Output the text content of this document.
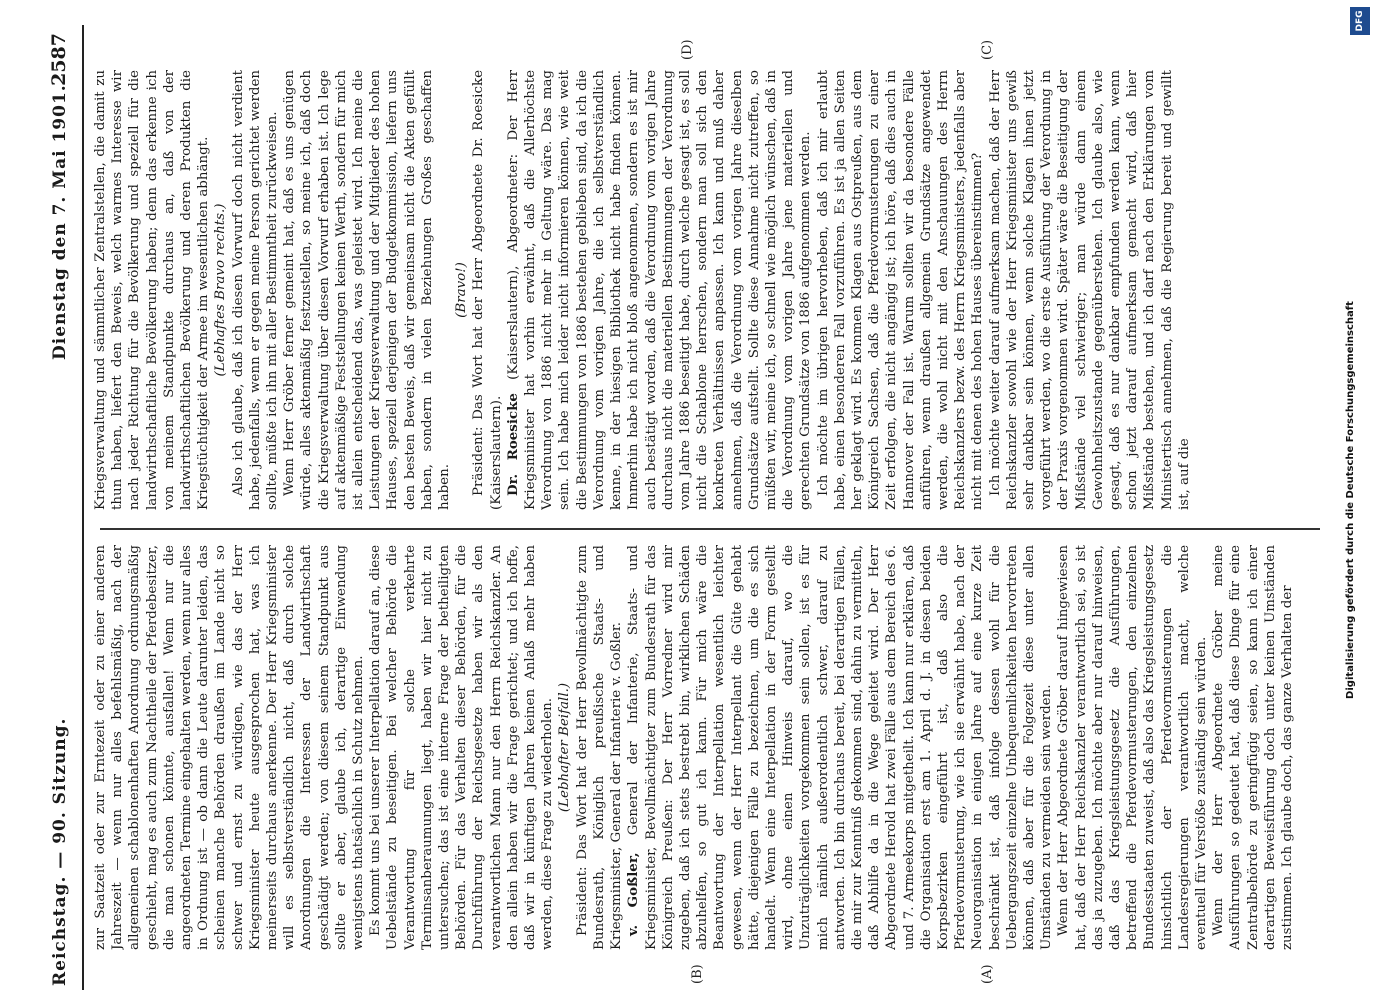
Reichstag. — 90. Sitzung.
Dienstag den 7. Mai 1901.
2587
(A)
(B)
(C)
(D)

zur Saatzeit oder zur Erntezeit oder zu einer anderen Jahreszeit — wenn nur alles befehlsmäßig, nach der allgemeinen schablonenhaften Anordnung ordnungsmäßig geschieht, mag es auch zum Nachtheile der Pferdebesitzer, die man schonen könnte, ausfallen! Wenn nur die angeordneten Termine eingehalten werden, wenn nur alles in Ordnung ist — ob dann die Leute darunter leiden, das scheinen manche Behörden draußen im Lande nicht so schwer und ernst zu würdigen, wie das der Herr Kriegsminister heute ausgesprochen hat, was ich meinerseits durchaus anerkenne. Der Herr Kriegsminister will es selbstverständlich nicht, daß durch solche Anordnungen die Interessen der Landwirthschaft geschädigt werden; von diesem seinem Standpunkt aus sollte er aber, glaube ich, derartige Einwendung wenigstens thatsächlich in Schutz nehmen. Es kommt uns bei unserer Interpellation darauf an, diese Uebelstände zu beseitigen. Bei welcher Behörde die Verantwortung für solche verkehrte Terminsanberaumungen liegt, haben wir hier nicht zu untersuchen; das ist eine interne Frage der betheiligten Behörden. Für das Verhalten dieser Behörden, für die Durchführung der Reichsgesetze haben wir als den verantwortlichen Mann nur den Herrn Reichskanzler. An den allein haben wir die Frage gerichtet; und ich hoffe, daß wir in künftigen Jahren keinen Anlaß mehr haben werden, diese Frage zu wiederholen. (Lebhafter Beifall.) Präsident: Das Wort hat der Herr Bevollmächtigte zum Bundesrath, Königlich preußische Staats- und Kriegsminister, General der Infanterie v. Goßler. v. Goßler, General der Infanterie, Staats- und Kriegsminister, Bevollmächtigter zum Bundesrath für das Königreich Preußen: Der Herr Vorredner wird mir zugeben, daß ich stets bestrebt bin, wirklichen Schäden abzuhelfen, so gut ich kann. Für mich wäre die Beantwortung der Interpellation wesentlich leichter gewesen, wenn der Herr Interpellant die Güte gehabt hätte, diejenigen Fälle zu bezeichnen, um die es sich handelt. Wenn eine Interpellation in der Form gestellt wird, ohne einen Hinweis darauf, wo die Unzuträglichkeiten vorgekommen sein sollen, ist es für mich nämlich außerordentlich schwer, darauf zu antworten. Ich bin durchaus bereit, bei derartigen Fällen, die mir zur Kenntniß gekommen sind, dahin zu vermitteln, daß Abhilfe da in die Wege geleitet wird. Der Herr Abgeordnete Herold hat zwei Fälle aus dem Bereich des 6. und 7. Armeekorps mitgetheilt. Ich kann nur erklären, daß die Organisation erst am 1. April d. J. in diesen beiden Korpsbezirken eingeführt ist, daß also die Pferdevormusterung, wie ich sie erwähnt habe, nach der Neuorganisation in einigen Jahre auf eine kurze Zeit beschränkt ist, daß infolge dessen wohl für die Uebergangszeit einzelne Unbequemlichkeiten hervortreten können, daß aber für die Folgezeit diese unter allen Umständen zu vermeiden sein werden. Wenn der Herr Abgeordnete Gröber darauf hingewiesen hat, daß der Herr Reichskanzler verantwortlich sei, so ist das ja zuzugeben. Ich möchte aber nur darauf hinweisen, daß das Kriegsleistungsgesetz die Ausführungen, betreffend die Pferdevormusterungen, den einzelnen Bundesstaaten zuweist, daß also das Kriegsleistungsgesetz hinsichtlich der Pferdevormusterungen die Landesregierungen verantwortlich macht, welche eventuell für Verstöße zuständig sein würden. Wenn der Herr Abgeordnete Gröber meine Ausführungen so gedeutet hat, daß diese Dinge für eine Zentralbehörde zu geringfügig seien, so kann ich einer derartigen Beweisführung doch unter keinen Umständen zustimmen. Ich glaube doch, das ganze Verhalten der

Kriegsverwaltung und sämmtlicher Zentralstellen, die damit zu thun haben, liefert den Beweis, welch warmes Interesse wir nach jeder Richtung für die Bevölkerung und speziell für die landwirthschaftliche Bevölkerung haben; denn das erkenne ich von meinem Standpunkte durchaus an, daß von der landwirthschaftlichen Bevölkerung und deren Produkten die Kriegstüchtigkeit der Armee im wesentlichen abhängt. (Lebhaftes Bravo rechts.) Also ich glaube, daß ich diesen Vorwurf doch nicht verdient habe, jedenfalls, wenn er gegen meine Person gerichtet werden sollte, müßte ich ihn mit aller Bestimmtheit zurückweisen. Wenn Herr Gröber ferner gemeint hat, daß es uns genügen würde, alles aktenmäßig festzustellen, so meine ich, daß doch die Kriegsverwaltung über diesen Vorwurf erhaben ist. Ich lege auf aktenmäßige Feststellungen keinen Werth, sondern für mich ist allein entscheidend das, was geleistet wird. Ich meine die Leistungen der Kriegsverwaltung und der Mitglieder des hohen Hauses, speziell derjenigen der Budgetkommission, liefern uns den besten Beweis, daß wir gemeinsam nicht die Akten gefüllt haben, sondern in vielen Beziehungen Großes geschaffen haben.

(Bravo!) Präsident: Das Wort hat der Herr Abgeordnete Dr. Roesicke (Kaiserslautern). Dr. Roesicke (Kaiserslautern), Abgeordneter: Der Herr Kriegsminister hat vorhin erwähnt, daß die Allerhöchste Verordnung von 1886 nicht mehr in Geltung wäre. Das mag sein. Ich habe mich leider nicht informieren können, wie weit die Bestimmungen von 1886 bestehen geblieben sind, da ich die Verordnung vom vorigen Jahre, die ich selbstverständlich kenne, in der hiesigen Bibliothek nicht habe finden können. Immerhin habe ich nicht bloß angenommen, sondern es ist mir auch bestätigt worden, daß die Verordnung vom vorigen Jahre durchaus nicht die materiellen Bestimmungen der Verordnung vom Jahre 1886 beseitigt habe, durch welche gesagt ist, es soll nicht die Schablone herrschen, sondern man soll sich den konkreten Verhältnissen anpassen. Ich kann und muß daher annehmen, daß die Verordnung vom vorigen Jahre dieselben Grundsätze aufstellt. Sollte diese Annahme nicht zutreffen, so müßten wir, meine ich, so schnell wie möglich wünschen, daß in die Verordnung vom vorigen Jahre jene materiellen und gerechten Grundsätze von 1886 aufgenommen werden. Ich möchte im übrigen hervorheben, daß ich mir erlaubt habe, einen besonderen Fall vorzuführen. Es ist ja allen Seiten her geklagt wird. Es kommen Klagen aus Ostpreußen, aus dem Königreich Sachsen, daß die Pferdevormusterungen zu einer Zeit erfolgen, die nicht angängig ist; ich höre, daß dies auch in Hannover der Fall ist. Warum sollten wir da besondere Fälle anführen, wenn draußen allgemein Grundsätze angewendet werden, die wohl nicht mit den Anschauungen des Herrn Reichskanzlers bezw. des Herrn Kriegsministers, jedenfalls aber nicht mit denen des hohen Hauses übereinstimmen? Ich möchte weiter darauf aufmerksam machen, daß der Herr Reichskanzler sowohl wie der Herr Kriegsminister uns gewiß sehr dankbar sein können, wenn solche Klagen ihnen jetzt vorgeführt werden, wo die erste Ausführung der Verordnung in der Praxis vorgenommen wird. Später wäre die Beseitigung der Mißstände viel schwieriger; man würde dann einem Gewohnheitszustande gegenüberstehen. Ich glaube also, wie gesagt, daß es nur dankbar empfunden werden kann, wenn schon jetzt darauf aufmerksam gemacht wird, daß hier Mißstände bestehen, und ich darf nach den Erklärungen vom Ministertisch annehmen, daß die Regierung bereit und gewillt ist, auf die	Digitalisierung gefördert durch die Deutsche Forschungsgemeinschaft
DFG
